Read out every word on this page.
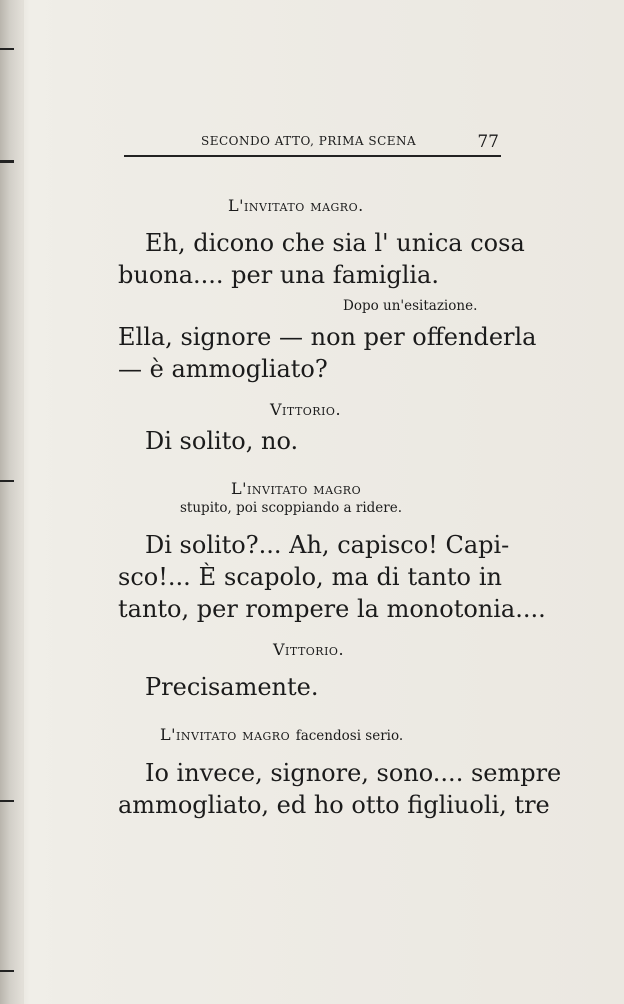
SECONDO ATTO, PRIMA SCENA	77
L'invitato magro.
Eh, dicono che sia l' unica cosa
buona.... per una famiglia.
Dopo un'esitazione.
Ella, signore — non per offenderla
— è ammogliato?
Vittorio.
Di solito, no.
L'invitato magro
stupito, poi scoppiando a ridere.
Di solito?... Ah, capisco! Capi-
sco!... È scapolo, ma di tanto in
tanto, per rompere la monotonia....
Vittorio.
Precisamente.
L'invitato magro facendosi serio.
Io invece, signore, sono.... sempre
ammogliato, ed ho otto figliuoli, tre
